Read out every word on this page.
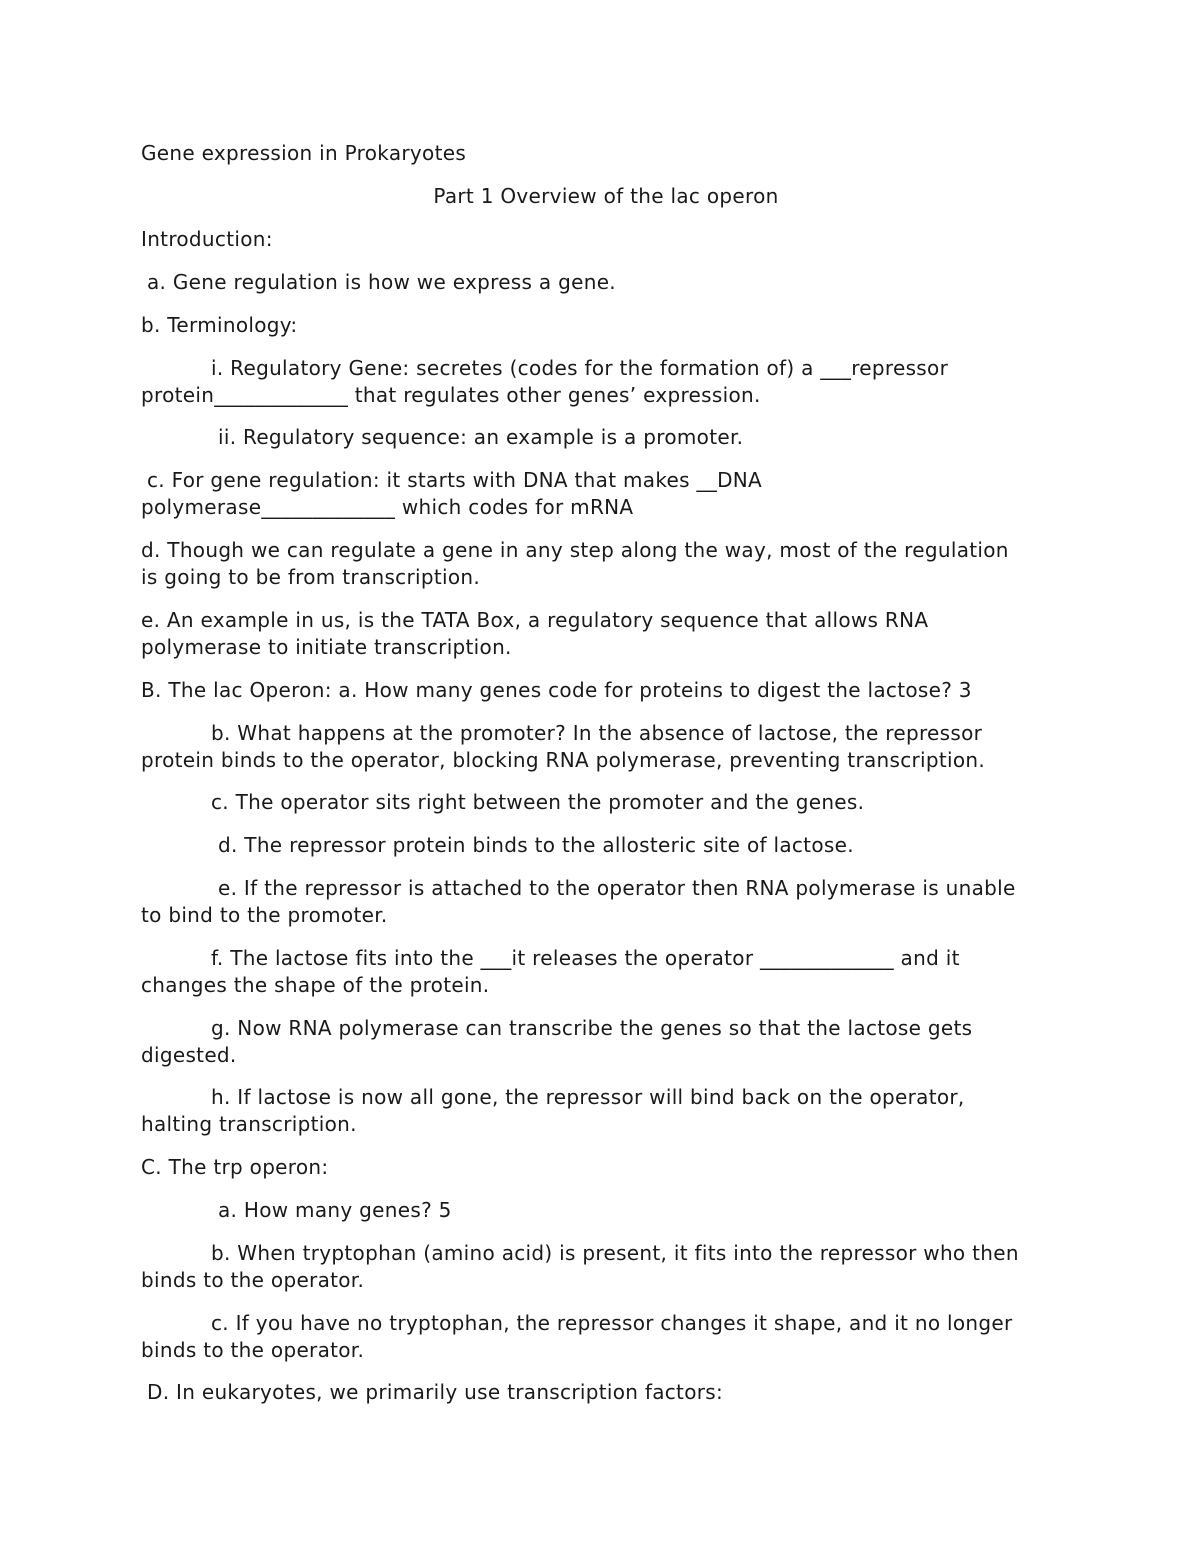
Gene expression in Prokaryotes
Part 1 Overview of the lac operon
Introduction:
a. Gene regulation is how we express a gene.
b. Terminology:
i. Regulatory Gene: secretes (codes for the formation of) a ___repressor
protein_____________ that regulates other genes’ expression.
ii. Regulatory sequence: an example is a promoter.
c. For gene regulation: it starts with DNA that makes __DNA
polymerase_____________ which codes for mRNA
d. Though we can regulate a gene in any step along the way, most of the regulation
is going to be from transcription.
e. An example in us, is the TATA Box, a regulatory sequence that allows RNA
polymerase to initiate transcription.
B. The lac Operon: a. How many genes code for proteins to digest the lactose? 3
b. What happens at the promoter? In the absence of lactose, the repressor
protein binds to the operator, blocking RNA polymerase, preventing transcription.
c. The operator sits right between the promoter and the genes.
d. The repressor protein binds to the allosteric site of lactose.
e. If the repressor is attached to the operator then RNA polymerase is unable
to bind to the promoter.
f. The lactose fits into the ___it releases the operator _____________ and it
changes the shape of the protein.
g. Now RNA polymerase can transcribe the genes so that the lactose gets
digested.
h. If lactose is now all gone, the repressor will bind back on the operator,
halting transcription.
C. The trp operon:
a. How many genes? 5
b. When tryptophan (amino acid) is present, it fits into the repressor who then
binds to the operator.
c. If you have no tryptophan, the repressor changes it shape, and it no longer
binds to the operator.
D. In eukaryotes, we primarily use transcription factors:
